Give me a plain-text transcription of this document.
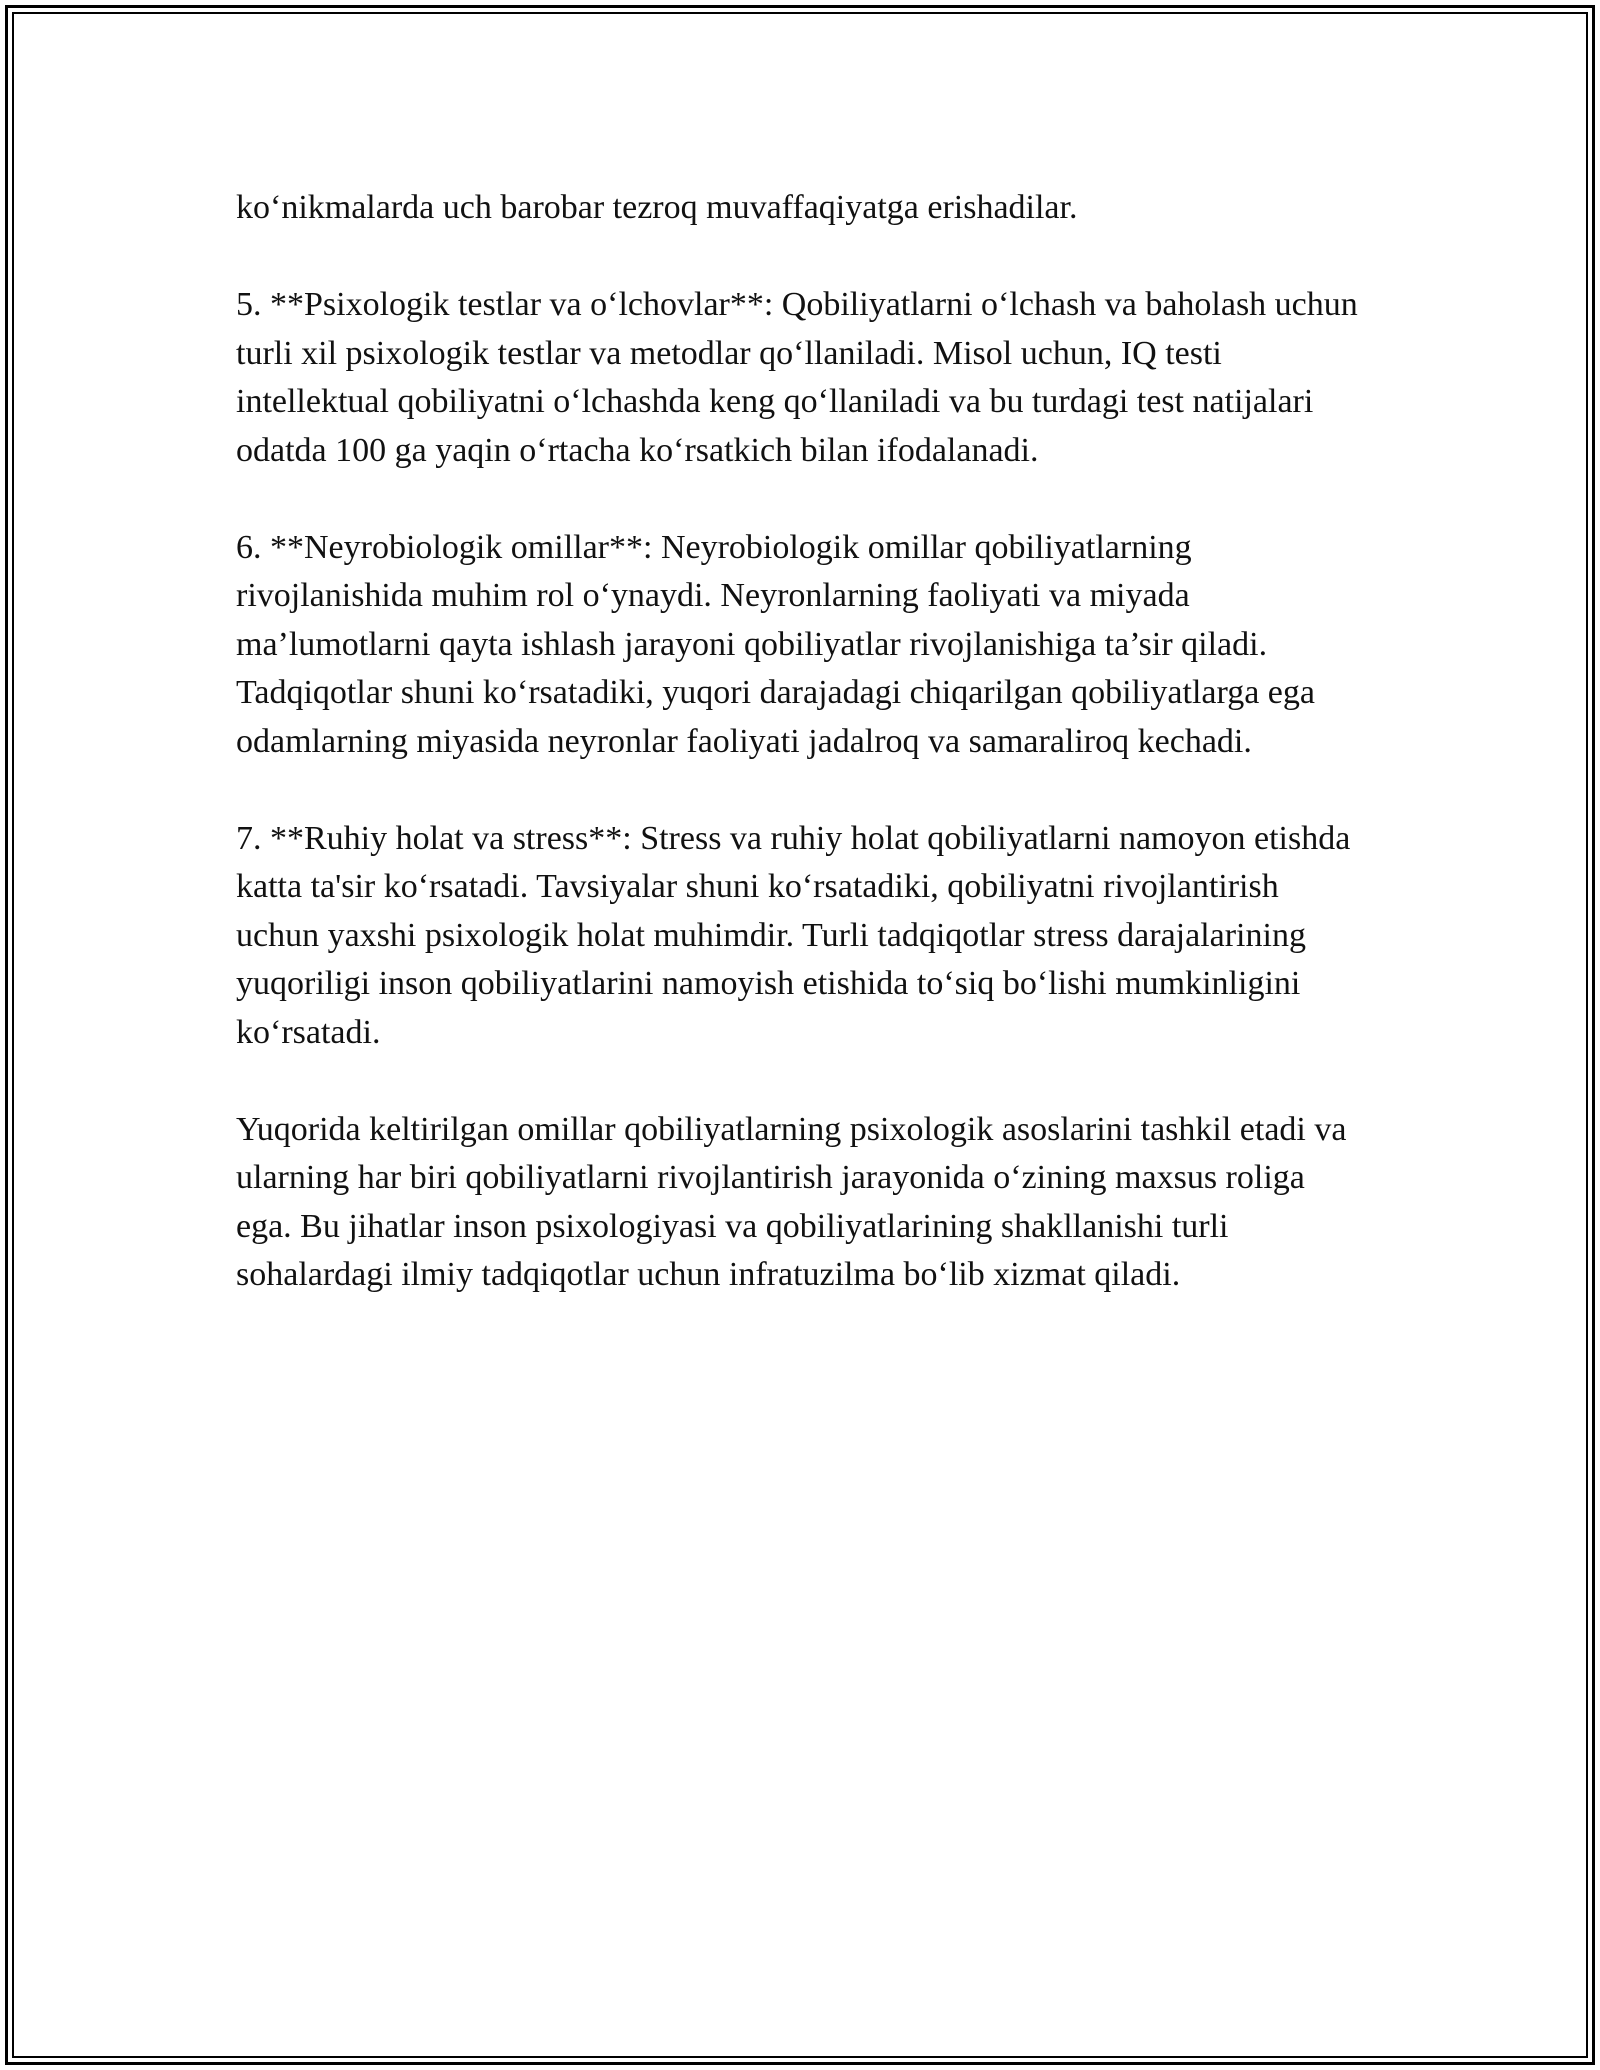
ko‘nikmalarda uch barobar tezroq muvaffaqiyatga erishadilar.

5. **Psixologik testlar va o‘lchovlar**: Qobiliyatlarni o‘lchash va baholash uchun turli xil psixologik testlar va metodlar qo‘llaniladi. Misol uchun, IQ testi intellektual qobiliyatni o‘lchashda keng qo‘llaniladi va bu turdagi test natijalari odatda 100 ga yaqin o‘rtacha ko‘rsatkich bilan ifodalanadi.

6. **Neyrobiologik omillar**: Neyrobiologik omillar qobiliyatlarning rivojlanishida muhim rol o‘ynaydi. Neyronlarning faoliyati va miyada ma’lumotlarni qayta ishlash jarayoni qobiliyatlar rivojlanishiga ta’sir qiladi. Tadqiqotlar shuni ko‘rsatadiki, yuqori darajadagi chiqarilgan qobiliyatlarga ega odamlarning miyasida neyronlar faoliyati jadalroq va samaraliroq kechadi.

7. **Ruhiy holat va stress**: Stress va ruhiy holat qobiliyatlarni namoyon etishda katta ta'sir ko‘rsatadi. Tavsiyalar shuni ko‘rsatadiki, qobiliyatni rivojlantirish uchun yaxshi psixologik holat muhimdir. Turli tadqiqotlar stress darajalarining yuqoriligi inson qobiliyatlarini namoyish etishida to‘siq bo‘lishi mumkinligini ko‘rsatadi.

Yuqorida keltirilgan omillar qobiliyatlarning psixologik asoslarini tashkil etadi va ularning har biri qobiliyatlarni rivojlantirish jarayonida o‘zining maxsus roliga ega. Bu jihatlar inson psixologiyasi va qobiliyatlarining shakllanishi turli sohalardagi ilmiy tadqiqotlar uchun infratuzilma bo‘lib xizmat qiladi.
